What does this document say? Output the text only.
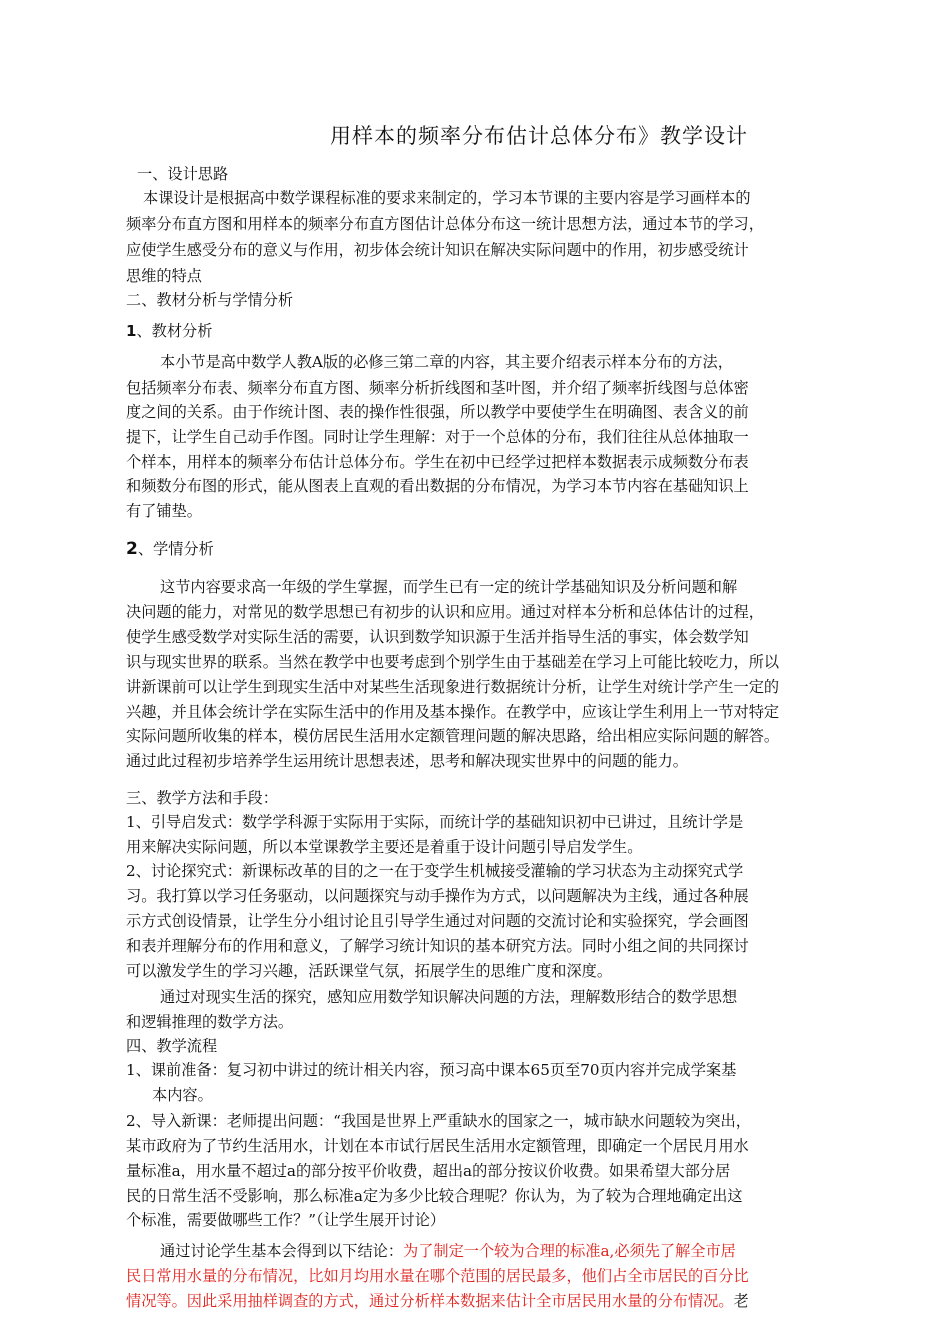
用样本的频率分布估计总体分布》教学设计
一、设计思路
本课设计是根据高中数学课程标准的要求来制定的，学习本节课的主要内容是学习画样本的
频率分布直方图和用样本的频率分布直方图估计总体分布这一统计思想方法，通过本节的学习，
应使学生感受分布的意义与作用，初步体会统计知识在解决实际问题中的作用，初步感受统计
思维的特点
二、教材分析与学情分析
1、教材分析
本小节是高中数学人教A版的必修三第二章的内容，其主要介绍表示样本分布的方法，
包括频率分布表、频率分布直方图、频率分析折线图和茎叶图，并介绍了频率折线图与总体密
度之间的关系。由于作统计图、表的操作性很强，所以教学中要使学生在明确图、表含义的前
提下，让学生自己动手作图。同时让学生理解：对于一个总体的分布，我们往往从总体抽取一
个样本，用样本的频率分布估计总体分布。学生在初中已经学过把样本数据表示成频数分布表
和频数分布图的形式，能从图表上直观的看出数据的分布情况，为学习本节内容在基础知识上
有了铺垫。
2、学情分析
这节内容要求高一年级的学生掌握，而学生已有一定的统计学基础知识及分析问题和解
决问题的能力，对常见的数学思想已有初步的认识和应用。通过对样本分析和总体估计的过程，
使学生感受数学对实际生活的需要，认识到数学知识源于生活并指导生活的事实，体会数学知
识与现实世界的联系。当然在教学中也要考虑到个别学生由于基础差在学习上可能比较吃力，所以
讲新课前可以让学生到现实生活中对某些生活现象进行数据统计分析，让学生对统计学产生一定的
兴趣，并且体会统计学在实际生活中的作用及基本操作。在教学中，应该让学生利用上一节对特定
实际问题所收集的样本，模仿居民生活用水定额管理问题的解决思路，给出相应实际问题的解答。
通过此过程初步培养学生运用统计思想表述，思考和解决现实世界中的问题的能力。
三、教学方法和手段：
1、引导启发式：数学学科源于实际用于实际，而统计学的基础知识初中已讲过，且统计学是
用来解决实际问题，所以本堂课教学主要还是着重于设计问题引导启发学生。
2、讨论探究式：新课标改革的目的之一在于变学生机械接受灌输的学习状态为主动探究式学
习。我打算以学习任务驱动，以问题探究与动手操作为方式，以问题解决为主线，通过各种展
示方式创设情景，让学生分小组讨论且引导学生通过对问题的交流讨论和实验探究，学会画图
和表并理解分布的作用和意义，了解学习统计知识的基本研究方法。同时小组之间的共同探讨
可以激发学生的学习兴趣，活跃课堂气氛，拓展学生的思维广度和深度。
通过对现实生活的探究，感知应用数学知识解决问题的方法，理解数形结合的数学思想
和逻辑推理的数学方法。
四、教学流程
1、课前准备：复习初中讲过的统计相关内容，预习高中课本65页至70页内容并完成学案基
本内容。
2、导入新课：老师提出问题：“我国是世界上严重缺水的国家之一，城市缺水问题较为突出，
某市政府为了节约生活用水，计划在本市试行居民生活用水定额管理，即确定一个居民月用水
量标准a，用水量不超过a的部分按平价收费，超出a的部分按议价收费。如果希望大部分居
民的日常生活不受影响，那么标准a定为多少比较合理呢？你认为，为了较为合理地确定出这
个标准，需要做哪些工作？”（让学生展开讨论）
通过讨论学生基本会得到以下结论：为了制定一个较为合理的标准a,必须先了解全市居
民日常用水量的分布情况，比如月均用水量在哪个范围的居民最多，他们占全市居民的百分比
情况等。因此采用抽样调查的方式，通过分析样本数据来估计全市居民用水量的分布情况。老
